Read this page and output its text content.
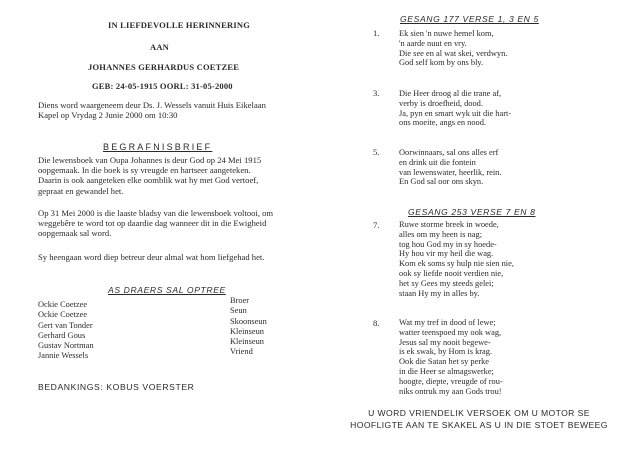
IN LIEFDEVOLLE HERINNERING
AAN
JOHANNES GERHARDUS COETZEE
GEB: 24-05-1915 OORL: 31-05-2000
Diens word waargeneem deur Ds. J. Wessels vanuit Huis Eikelaan
Kapel op Vrydag 2 Junie 2000 om 10:30
BEGRAFNISBRIEF
Die lewensboek van Oupa Johannes is deur God op 24 Mei 1915
oopgemaak. In die boek is sy vreugde en hartseer aangeteken.
Daarin is ook aangeteken elke oomblik wat hy met God vertoef,
gepraat en gewandel het.
Op 31 Mei 2000 is die laaste bladsy van die lewensboek voltooi, om
weggebêre te word tot op daardie dag wanneer dit in die Ewigheid
oopgemaak sal word.
Sy heengaan word diep betreur deur almal wat hom liefgehad het.
AS DRAERS SAL OPTREE
Ockie Coetzee
Ockie Coetzee
Gert van Tonder
Gerhard Gous
Gustav Nortman
Jannie Wessels
Broer
Seun
Skoonseun
Kleinseun
Kleinseun
Vriend
BEDANKINGS: KOBUS VOERSTER
GESANG 177 VERSE 1, 3 EN 5
1. Ek sien 'n nuwe hemel kom,
'n aarde nuut en vry.
Die see en al wat skei, verdwyn.
God self kom by ons bly.
3. Die Heer droog al die trane af,
verby is droefheid, dood.
Ja, pyn en smart wyk uit die hart-
ons moeite, angs en nood.
5. Oorwinnaars, sal ons alles erf
en drink uit die fontein
van lewenswater, heerlik, rein.
En God sal oor ons skyn.
GESANG 253 VERSE 7 EN 8
7. Ruwe storme breek in woede,
alles om my heen is nag;
tog hou God my in sy hoede-
Hy hou vir my heil die wag.
Kom ek soms sy hulp nie sien nie,
ook sy liefde nooit verdien nie,
het sy Gees my steeds gelei;
staan Hy my in alles by.
8. Wat my tref in dood of lewe;
watter teenspoed my ook wag,
Jesus sal my nooit begewe-
is ek swak, by Hom is krag.
Ook die Satan het sy perke
in die Heer se almagswerke;
hoogte, diepte, vreugde of rou-
niks ontruk my aan Gods trou!
U WORD VRIENDELIK VERSOEK OM U MOTOR SE
HOOFLIGTE AAN TE SKAKEL AS U IN DIE STOET BEWEEG
